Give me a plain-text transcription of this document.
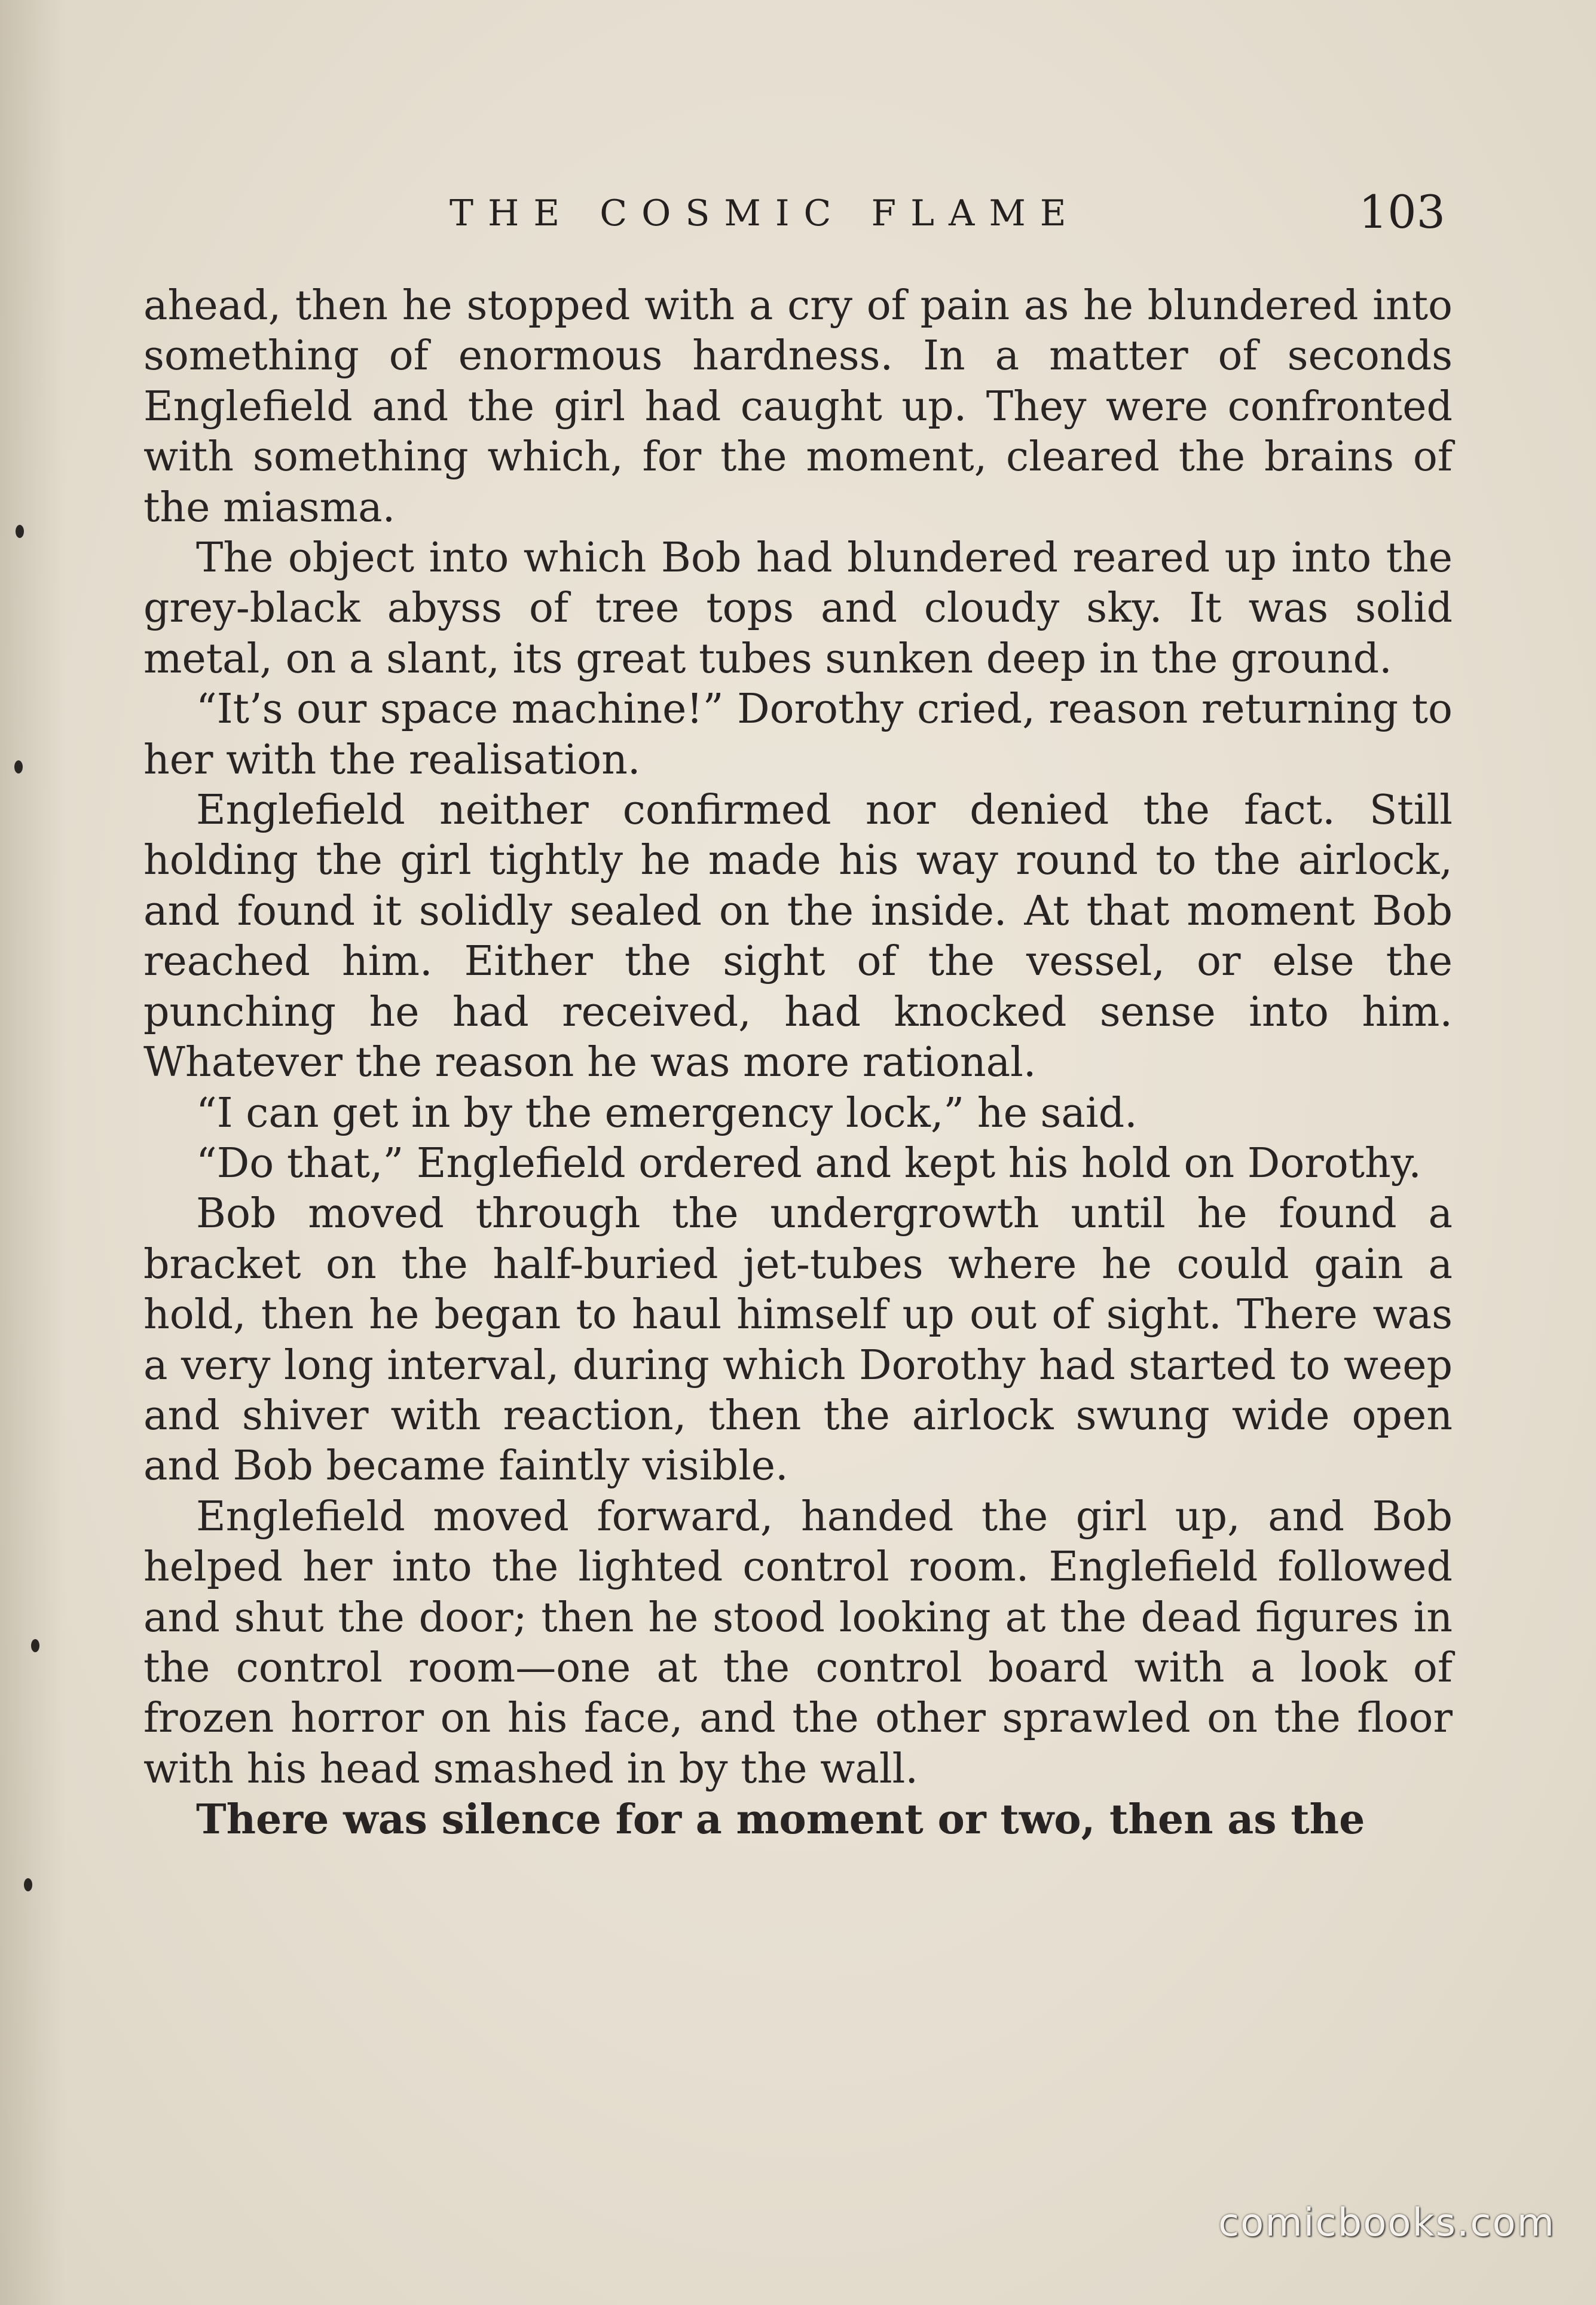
THE COSMIC FLAME	103

ahead, then he stopped with a cry of pain as he blundered into something of enormous hardness. In a matter of seconds Englefield and the girl had caught up. They were confronted with something which, for the moment, cleared the brains of the miasma.

The object into which Bob had blundered reared up into the grey-black abyss of tree tops and cloudy sky. It was solid metal, on a slant, its great tubes sunken deep in the ground.

“It’s our space machine!” Dorothy cried, reason returning to her with the realisation.

Englefield neither confirmed nor denied the fact. Still holding the girl tightly he made his way round to the airlock, and found it solidly sealed on the inside. At that moment Bob reached him. Either the sight of the vessel, or else the punching he had received, had knocked sense into him. Whatever the reason he was more rational.

“I can get in by the emergency lock,” he said.

“Do that,” Englefield ordered and kept his hold on Dorothy.

Bob moved through the undergrowth until he found a bracket on the half-buried jet-tubes where he could gain a hold, then he began to haul himself up out of sight. There was a very long interval, during which Dorothy had started to weep and shiver with reaction, then the airlock swung wide open and Bob became faintly visible.

Englefield moved forward, handed the girl up, and Bob helped her into the lighted control room. Englefield followed and shut the door; then he stood looking at the dead figures in the control room—one at the control board with a look of frozen horror on his face, and the other sprawled on the floor with his head smashed in by the wall.

There was silence for a moment or two, then as the

comicbooks.com
